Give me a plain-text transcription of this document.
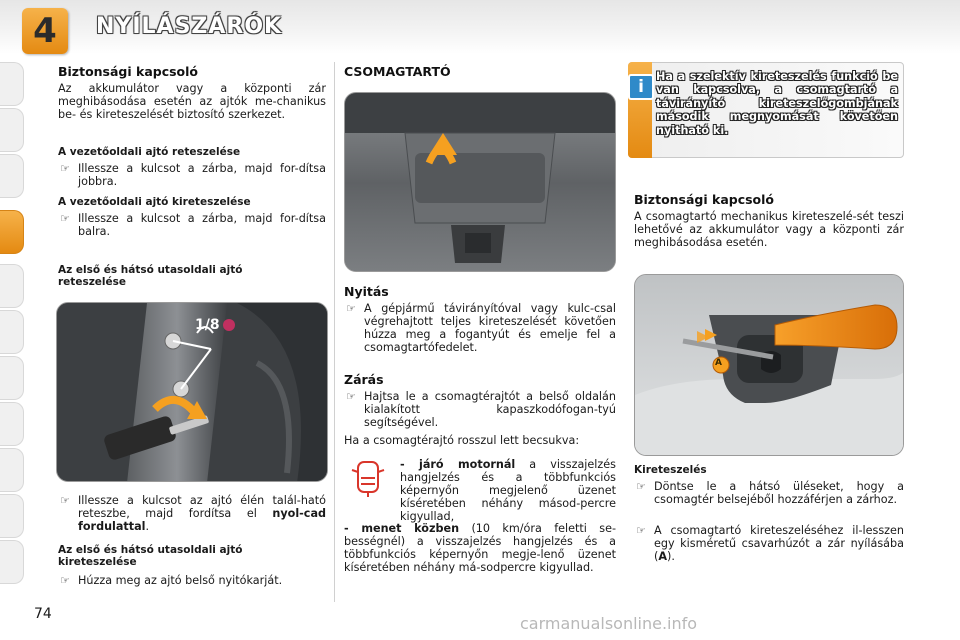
4	NYÍLÁSZÁRÓK
Biztonsági kapcsoló
Az akkumulátor vagy a központi zár meghibásodása esetén az ajtók me-chanikus be- és kireteszelését biztosító szerkezet.
A vezetőoldali ajtó reteszelése
☞ Illessze a kulcsot a zárba, majd for-dítsa jobbra.
A vezetőoldali ajtó kireteszelése
☞ Illessze a kulcsot a zárba, majd for-dítsa balra.
Az első és hátsó utasoldali ajtó reteszelése
1/8
☞ Illessze a kulcsot az ajtó élén talál-ható reteszbe, majd fordítsa el nyol-cad fordulattal.
Az első és hátsó utasoldali ajtó kireteszelése
☞ Húzza meg az ajtó belső nyitókarját.
CSOMAGTARTÓ
Nyitás
☞ A gépjármű távirányítóval vagy kulc-csal végrehajtott teljes kireteszelését követően húzza meg a fogantyút és emelje fel a csomagtartófedelet.
Zárás
☞ Hajtsa le a csomagtérajtót a belső oldalán kialakított kapaszkodófogan-tyú segítségével.
Ha a csomagtérajtó rosszul lett becsukva:
- járó motornál a visszajelzés hangjelzés és a többfunkciós képernyőn megjelenő üzenet kíséretében néhány másod-percre kigyullad,
- menet közben (10 km/óra feletti se-bességnél) a visszajelzés hangjelzés és a többfunkciós képernyőn megje-lenő üzenet kíséretében néhány má-sodpercre kigyullad.
i
Ha a szelektív kireteszelés funkció be van kapcsolva, a csomagtartó a távirányító kireteszelőgombjának második megnyomását követően nyitható ki.
Biztonsági kapcsoló
A csomagtartó mechanikus kireteszelé-sét teszi lehetővé az akkumulátor vagy a központi zár meghibásodása esetén.
A
Kireteszelés
☞ Döntse le a hátsó üléseket, hogy a csomagtér belsejéből hozzáférjen a zárhoz.
☞ A csomagtartó kireteszeléséhez il-lesszen egy kisméretű csavarhúzót a zár nyílásába (A).
74	carmanualsonline.info
